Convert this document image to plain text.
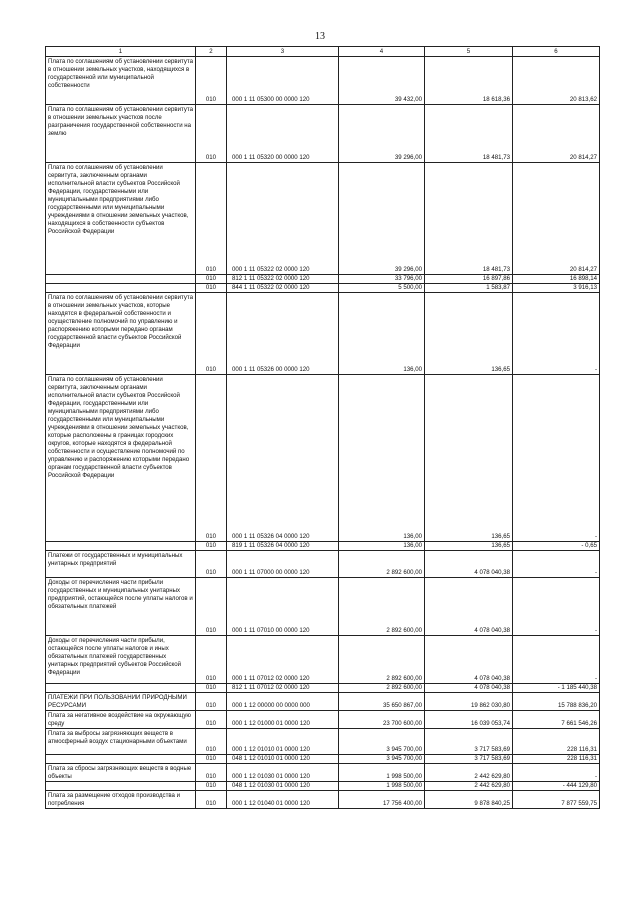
13
1	2	3	4	5	6
Плата по соглашениям об установлении сервитута в отношении земельных участков, находящихся в государственной или муниципальной собственности	010	000 1 11 05300 00 0000 120	39 432,00	18 618,36	20 813,62
Плата по соглашениям об установлении сервитута в отношении земельных участков после разграничения государственной собственности на землю	010	000 1 11 05320 00 0000 120	39 296,00	18 481,73	20 814,27
Плата по соглашениям об установлении сервитута, заключенным органами исполнительной власти субъектов Российской Федерации, государственными или муниципальными предприятиями либо государственными или муниципальными учреждениями в отношении земельных участков, находящихся в собственности субъектов Российской Федерации	010	000 1 11 05322 02 0000 120	39 296,00	18 481,73	20 814,27
	010	812 1 11 05322 02 0000 120	33 796,00	16 897,86	16 898,14
	010	844 1 11 05322 02 0000 120	5 500,00	1 583,87	3 916,13
Плата по соглашениям об установлении сервитута в отношении земельных участков, которые находятся в федеральной собственности и осуществление полномочий по управлению и распоряжению которыми передано органам государственной власти субъектов Российской Федерации	010	000 1 11 05326 00 0000 120	136,00	136,65	-
Плата по соглашениям об установлении сервитута, заключенным органами исполнительной власти субъектов Российской Федерации, государственными или муниципальными предприятиями либо государственными или муниципальными учреждениями в отношении земельных участков, которые расположены в границах городских округов, которые находятся в федеральной собственности и осуществление полномочий по управлению и распоряжению которыми передано органам государственной власти субъектов Российской Федерации	010	000 1 11 05326 04 0000 120	136,00	136,65	-
	010	819 1 11 05326 04 0000 120	136,00	136,65	- 0,65
Платежи от государственных и муниципальных унитарных предприятий	010	000 1 11 07000 00 0000 120	2 892 600,00	4 078 040,38	-
Доходы от перечисления части прибыли государственных и муниципальных унитарных предприятий, остающейся после уплаты налогов и обязательных платежей	010	000 1 11 07010 00 0000 120	2 892 600,00	4 078 040,38	-
Доходы от перечисления части прибыли, остающейся после уплаты налогов и иных обязательных платежей государственных унитарных предприятий субъектов Российской Федерации	010	000 1 11 07012 02 0000 120	2 892 600,00	4 078 040,38	-
	010	812 1 11 07012 02 0000 120	2 892 600,00	4 078 040,38	- 1 185 440,38
ПЛАТЕЖИ ПРИ ПОЛЬЗОВАНИИ ПРИРОДНЫМИ РЕСУРСАМИ	010	000 1 12 00000 00 0000 000	35 650 867,00	19 862 030,80	15 788 836,20
Плата за негативное воздействие на окружающую среду	010	000 1 12 01000 01 0000 120	23 700 600,00	16 039 053,74	7 661 546,26
Плата за выбросы загрязняющих веществ в атмосферный воздух стационарными объектами	010	000 1 12 01010 01 0000 120	3 945 700,00	3 717 583,69	228 116,31
	010	048 1 12 01010 01 0000 120	3 945 700,00	3 717 583,69	228 116,31
Плата за сбросы загрязняющих веществ в водные объекты	010	000 1 12 01030 01 0000 120	1 998 500,00	2 442 629,80	-
	010	048 1 12 01030 01 0000 120	1 998 500,00	2 442 629,80	- 444 129,80
Плата за размещение отходов производства и потребления	010	000 1 12 01040 01 0000 120	17 756 400,00	9 878 840,25	7 877 559,75
